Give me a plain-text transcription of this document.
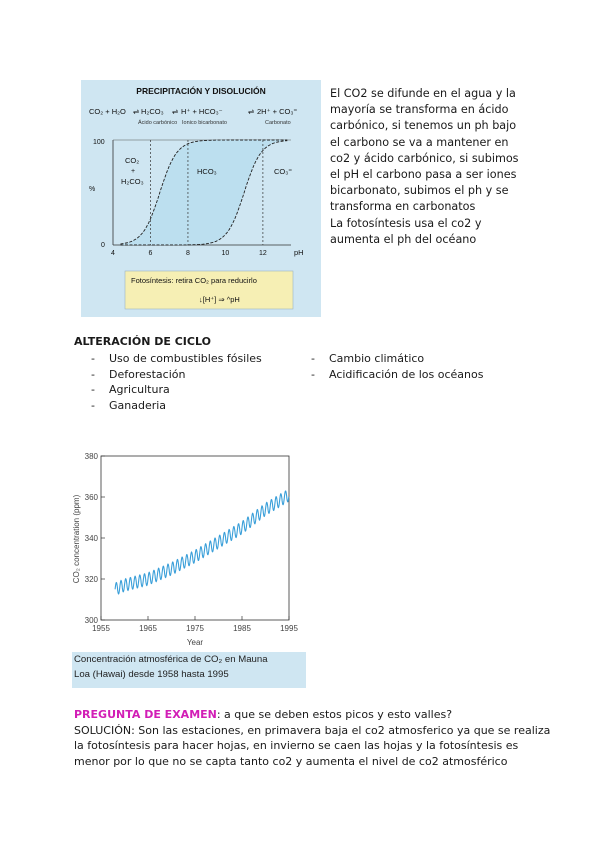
PRECIPITACIÓN Y DISOLUCIÓN
CO₂ + H₂O ⇌ H₂CO₃ ⇌ H⁺ + HCO₃⁻	⇌ 2H⁺ + CO₃⁼
Ácido carbónico Ionico bicarbonato	Carbonato
100
0
%
pH
4	6	8	10	12
CO₂
+
H₂CO₃
HCO₃	CO₃⁼
Fotosíntesis: retira CO₂ para reducirlo
↓[H⁺] ⇒ ^pH
El CO2 se difunde en el agua y la
mayoría se transforma en ácido
carbónico, si tenemos un ph bajo
el carbono se va a mantener en
co2 y ácido carbónico, si subimos
el pH el carbono pasa a ser iones
bicarbonato, subimos el ph y se
transforma en carbonatos
La fotosíntesis usa el co2 y
aumenta el ph del océano
ALTERACIÓN DE CICLO
- Uso de combustibles fósiles
- Deforestación
- Agricultura
- Ganaderia
- Cambio climático
- Acidificación de los océanos
380
360
340
320
300
1955	1965	1975	1985	1995
CO₂ concentration (ppm)
Year
Concentración atmosférica de CO₂ en Mauna
Loa (Hawai) desde 1958 hasta 1995
PREGUNTA DE EXAMEN: a que se deben estos picos y esto valles?
SOLUCIÓN: Son las estaciones, en primavera baja el co2 atmosferico ya que se realiza
la fotosíntesis para hacer hojas, en invierno se caen las hojas y la fotosíntesis es
menor por lo que no se capta tanto co2 y aumenta el nivel de co2 atmosférico
